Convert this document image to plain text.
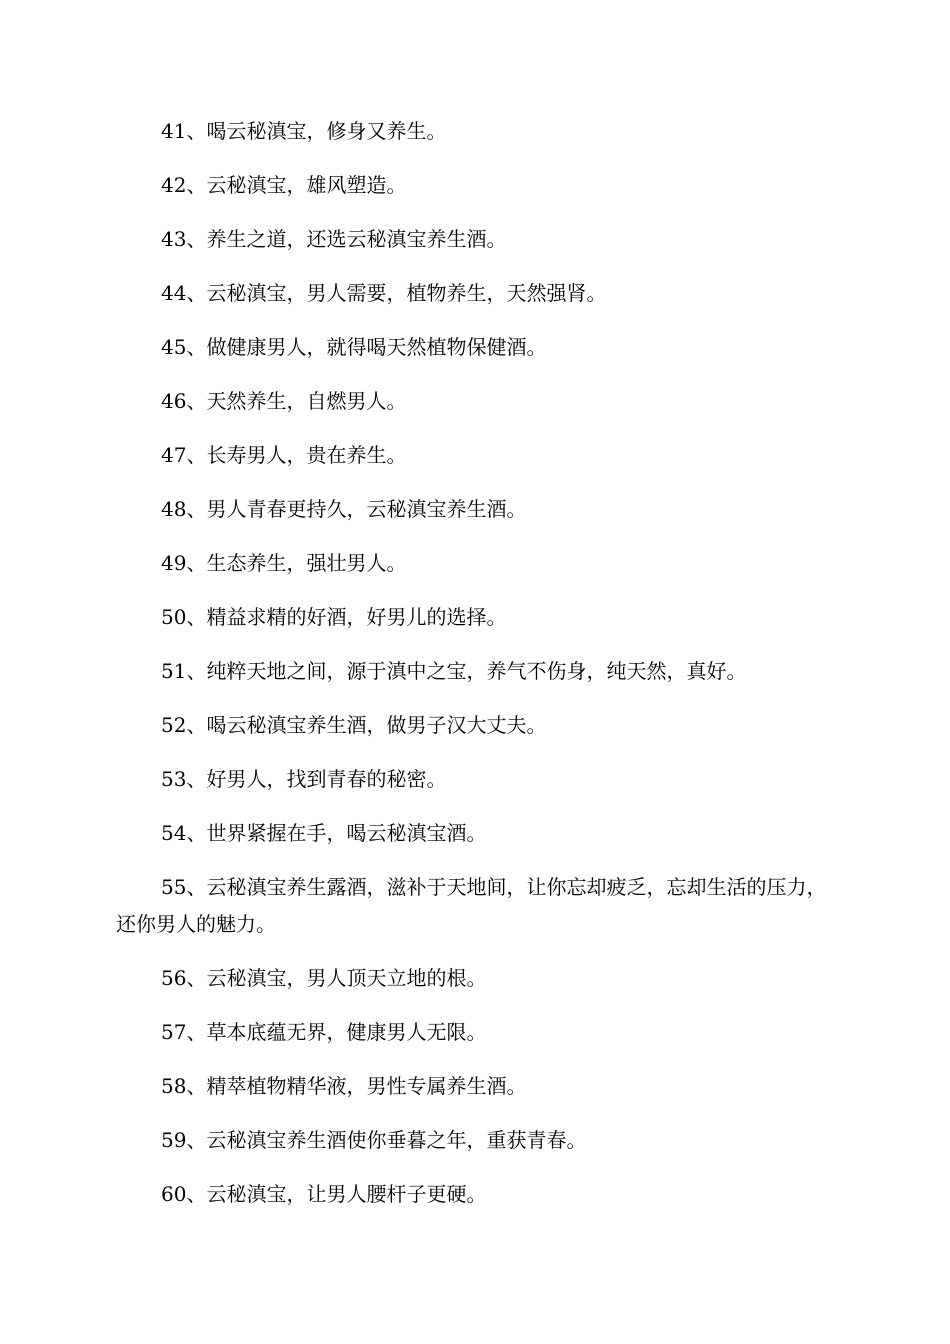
41、喝云秘滇宝，修身又养生。

42、云秘滇宝，雄风塑造。

43、养生之道，还选云秘滇宝养生酒。

44、云秘滇宝，男人需要，植物养生，天然强肾。

45、做健康男人，就得喝天然植物保健酒。

46、天然养生，自燃男人。

47、长寿男人，贵在养生。

48、男人青春更持久，云秘滇宝养生酒。

49、生态养生，强壮男人。

50、精益求精的好酒，好男儿的选择。

51、纯粹天地之间，源于滇中之宝，养气不伤身，纯天然，真好。

52、喝云秘滇宝养生酒，做男子汉大丈夫。

53、好男人，找到青春的秘密。

54、世界紧握在手，喝云秘滇宝酒。

55、云秘滇宝养生露酒，滋补于天地间，让你忘却疲乏，忘却生活的压力，还你男人的魅力。

56、云秘滇宝，男人顶天立地的根。

57、草本底蕴无界，健康男人无限。

58、精萃植物精华液，男性专属养生酒。

59、云秘滇宝养生酒使你垂暮之年，重获青春。

60、云秘滇宝，让男人腰杆子更硬。
